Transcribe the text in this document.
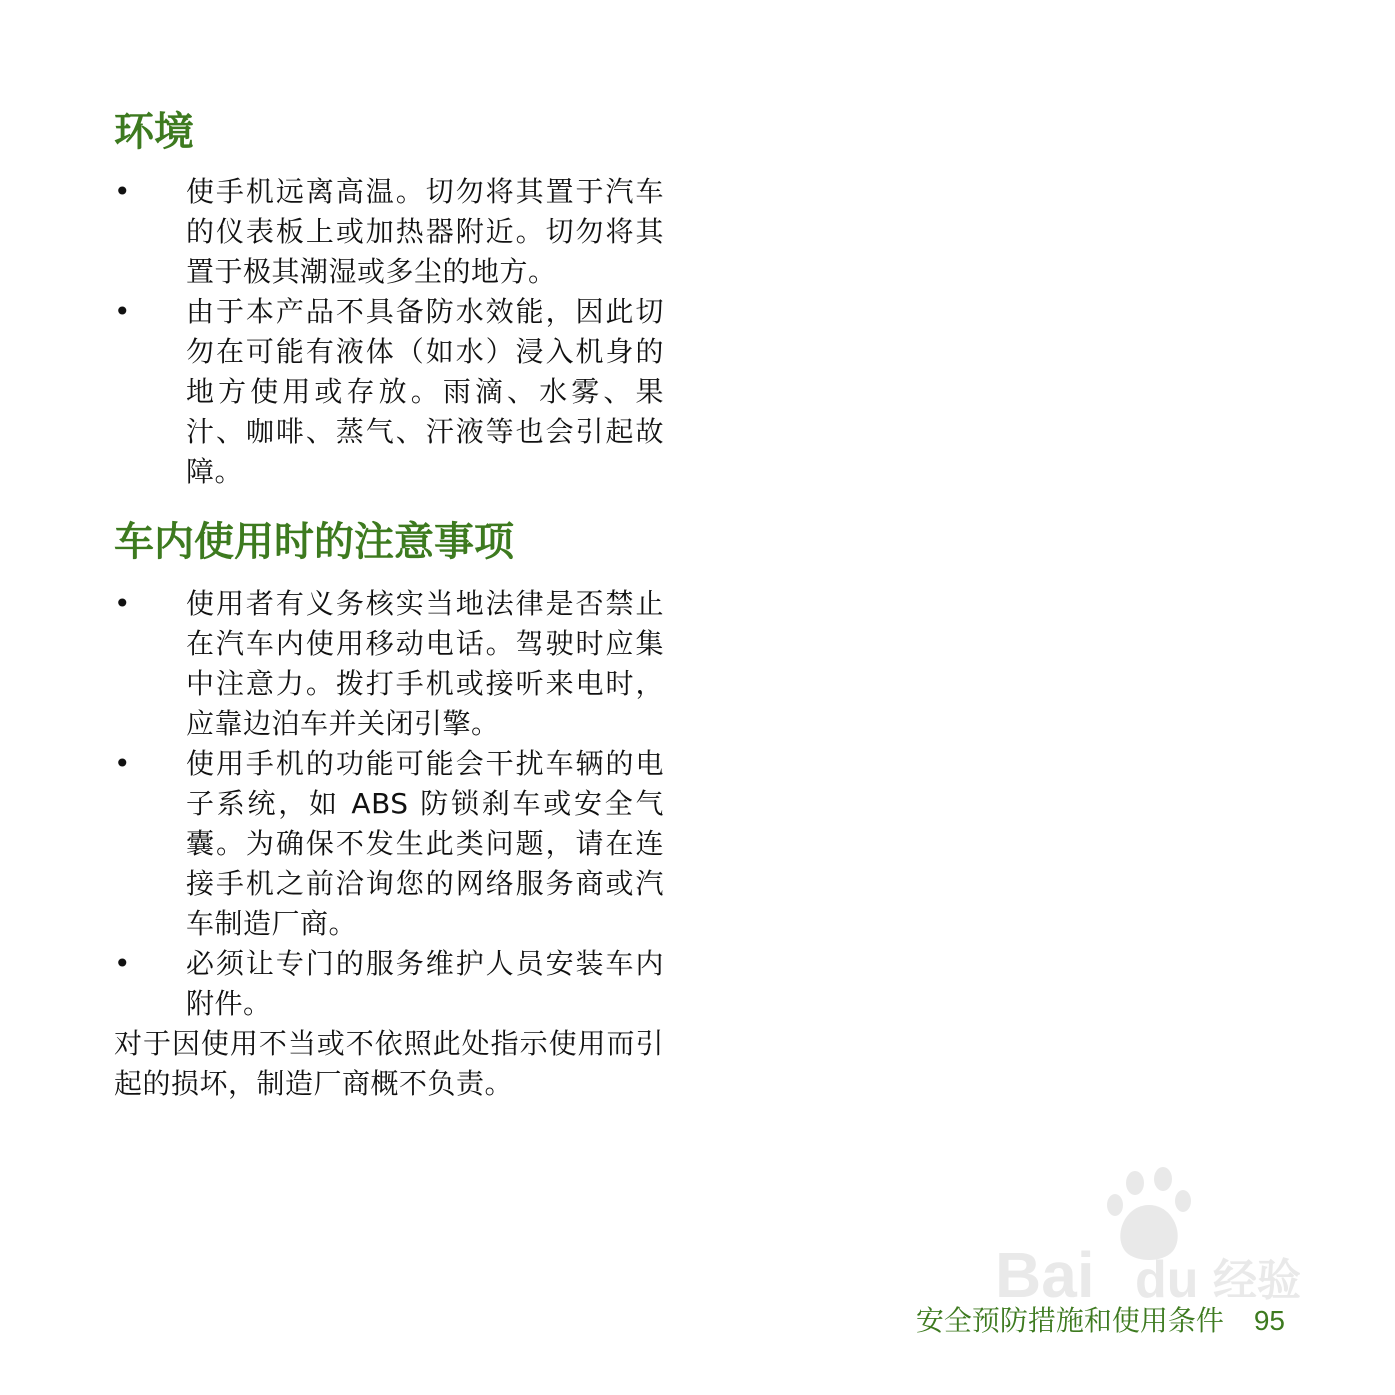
环境
• 使手机远离高温。切勿将其置于汽车的仪表板上或加热器附近。切勿将其置于极其潮湿或多尘的地方。
• 由于本产品不具备防水效能，因此切勿在可能有液体（如水）浸入机身的地方使用或存放。雨滴、水雾、果汁、咖啡、蒸气、汗液等也会引起故障。
车内使用时的注意事项
• 使用者有义务核实当地法律是否禁止在汽车内使用移动电话。驾驶时应集中注意力。拨打手机或接听来电时，应靠边泊车并关闭引擎。
• 使用手机的功能可能会干扰车辆的电子系统，如 ABS 防锁刹车或安全气囊。为确保不发生此类问题，请在连接手机之前洽询您的网络服务商或汽车制造厂商。
• 必须让专门的服务维护人员安装车内附件。

对于因使用不当或不依照此处指示使用而引起的损坏，制造厂商概不负责。

Bai du 经验
安全预防措施和使用条件 95
